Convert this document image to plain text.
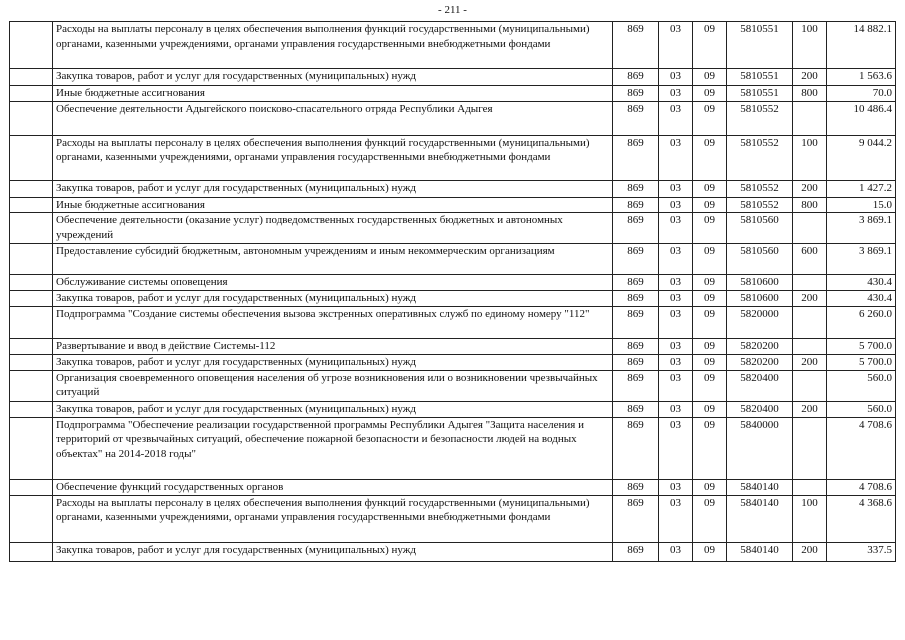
- 211 -
	Расходы на выплаты персоналу в целях обеспечения выполнения функций государственными (муниципальными) органами, казенными учреждениями, органами управления государственными внебюджетными фондами	869	03	09	5810551	100	14 882.1
	Закупка товаров, работ и услуг для государственных (муниципальных) нужд	869	03	09	5810551	200	1 563.6
	Иные бюджетные ассигнования	869	03	09	5810551	800	70.0
	Обеспечение деятельности Адыгейского поисково-спасательного отряда Республики Адыгея	869	03	09	5810552		10 486.4
	Расходы на выплаты персоналу в целях обеспечения выполнения функций государственными (муниципальными) органами, казенными учреждениями, органами управления государственными внебюджетными фондами	869	03	09	5810552	100	9 044.2
	Закупка товаров, работ и услуг для государственных (муниципальных) нужд	869	03	09	5810552	200	1 427.2
	Иные бюджетные ассигнования	869	03	09	5810552	800	15.0
	Обеспечение деятельности (оказание услуг) подведомственных государственных бюджетных и автономных учреждений	869	03	09	5810560		3 869.1
	Предоставление субсидий бюджетным, автономным учреждениям и иным некоммерческим организациям	869	03	09	5810560	600	3 869.1
	Обслуживание системы оповещения	869	03	09	5810600		430.4
	Закупка товаров, работ и услуг для государственных (муниципальных) нужд	869	03	09	5810600	200	430.4
	Подпрограмма "Создание системы обеспечения вызова экстренных оперативных служб по единому номеру "112"	869	03	09	5820000		6 260.0
	Развертывание и ввод в действие Системы-112	869	03	09	5820200		5 700.0
	Закупка товаров, работ и услуг для государственных (муниципальных) нужд	869	03	09	5820200	200	5 700.0
	Организация своевременного оповещения населения об угрозе возникновения или о возникновении чрезвычайных ситуаций	869	03	09	5820400		560.0
	Закупка товаров, работ и услуг для государственных (муниципальных) нужд	869	03	09	5820400	200	560.0
	Подпрограмма "Обеспечение реализации государственной программы Республики Адыгея "Защита населения и территорий от чрезвычайных ситуаций, обеспечение пожарной безопасности и безопасности людей на водных объектах" на 2014-2018 годы"	869	03	09	5840000		4 708.6
	Обеспечение функций государственных органов	869	03	09	5840140		4 708.6
	Расходы на выплаты персоналу в целях обеспечения выполнения функций государственными (муниципальными) органами, казенными учреждениями, органами управления государственными внебюджетными фондами	869	03	09	5840140	100	4 368.6
	Закупка товаров, работ и услуг для государственных (муниципальных) нужд	869	03	09	5840140	200	337.5
